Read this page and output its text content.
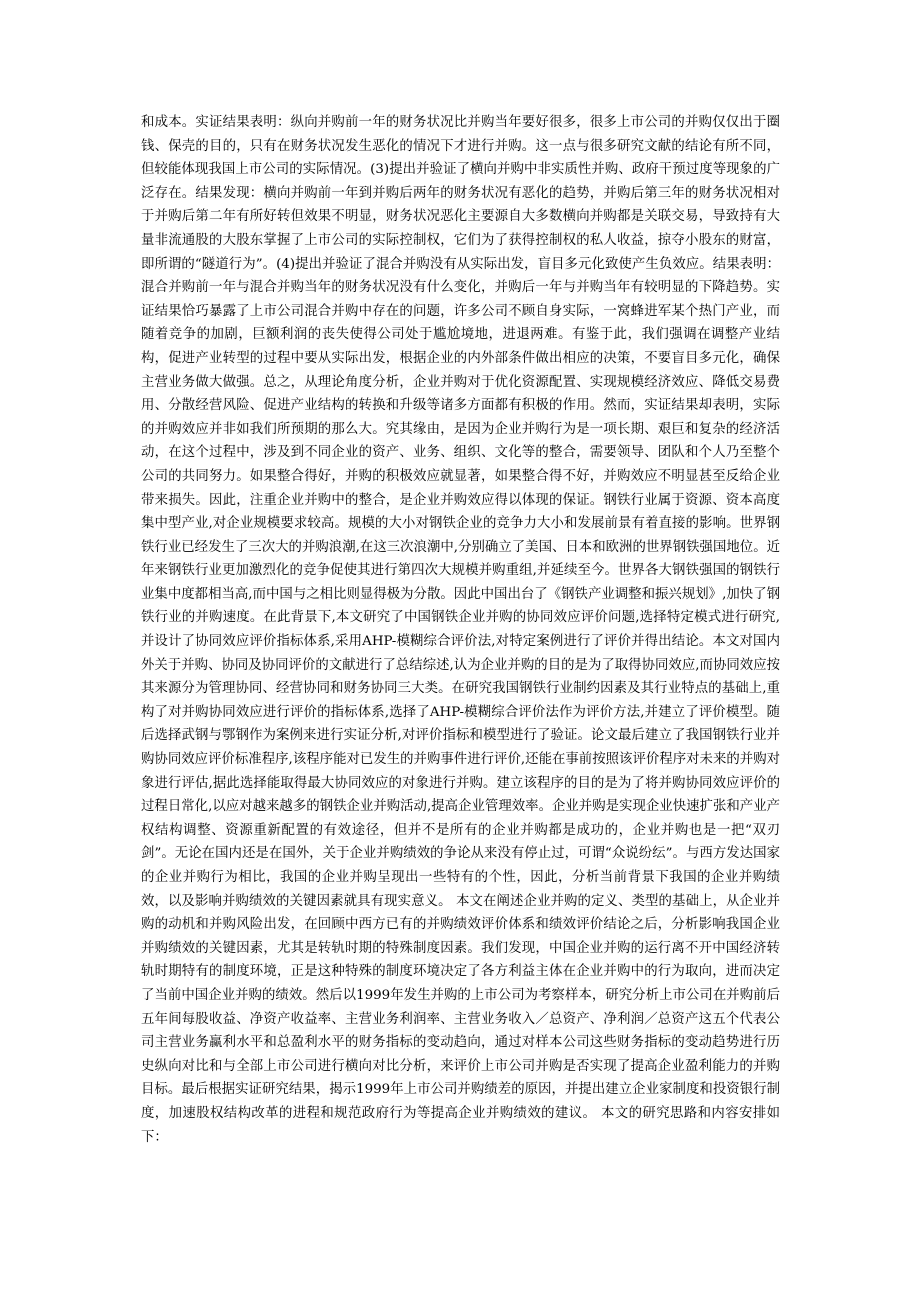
和成本。实证结果表明：纵向并购前一年的财务状况比并购当年要好很多，很多上市公司的并购仅仅出于圈钱、保壳的目的，只有在财务状况发生恶化的情况下才进行并购。这一点与很多研究文献的结论有所不同，但较能体现我国上市公司的实际情况。(3)提出并验证了横向并购中非实质性并购、政府干预过度等现象的广泛存在。结果发现：横向并购前一年到并购后两年的财务状况有恶化的趋势，并购后第三年的财务状况相对于并购后第二年有所好转但效果不明显，财务状况恶化主要源自大多数横向并购都是关联交易，导致持有大量非流通股的大股东掌握了上市公司的实际控制权，它们为了获得控制权的私人收益，掠夺小股东的财富，即所谓的“隧道行为”。(4)提出并验证了混合并购没有从实际出发，盲目多元化致使产生负效应。结果表明：混合并购前一年与混合并购当年的财务状况没有什么变化，并购后一年与并购当年有较明显的下降趋势。实证结果恰巧暴露了上市公司混合并购中存在的问题，许多公司不顾自身实际，一窝蜂进军某个热门产业，而随着竞争的加剧，巨额利润的丧失使得公司处于尴尬境地，进退两难。有鉴于此，我们强调在调整产业结构，促进产业转型的过程中要从实际出发，根据企业的内外部条件做出相应的决策，不要盲目多元化，确保主营业务做大做强。总之，从理论角度分析，企业并购对于优化资源配置、实现规模经济效应、降低交易费用、分散经营风险、促进产业结构的转换和升级等诸多方面都有积极的作用。然而，实证结果却表明，实际的并购效应并非如我们所预期的那么大。究其缘由，是因为企业并购行为是一项长期、艰巨和复杂的经济活动，在这个过程中，涉及到不同企业的资产、业务、组织、文化等的整合，需要领导、团队和个人乃至整个公司的共同努力。如果整合得好，并购的积极效应就显著，如果整合得不好，并购效应不明显甚至反给企业带来损失。因此，注重企业并购中的整合，是企业并购效应得以体现的保证。钢铁行业属于资源、资本高度集中型产业,对企业规模要求较高。规模的大小对钢铁企业的竞争力大小和发展前景有着直接的影响。世界钢铁行业已经发生了三次大的并购浪潮,在这三次浪潮中,分别确立了美国、日本和欧洲的世界钢铁强国地位。近年来钢铁行业更加激烈化的竞争促使其进行第四次大规模并购重组,并延续至今。世界各大钢铁强国的钢铁行业集中度都相当高,而中国与之相比则显得极为分散。因此中国出台了《钢铁产业调整和振兴规划》,加快了钢铁行业的并购速度。在此背景下,本文研究了中国钢铁企业并购的协同效应评价问题,选择特定模式进行研究,并设计了协同效应评价指标体系,采用AHP-模糊综合评价法,对特定案例进行了评价并得出结论。本文对国内外关于并购、协同及协同评价的文献进行了总结综述,认为企业并购的目的是为了取得协同效应,而协同效应按其来源分为管理协同、经营协同和财务协同三大类。在研究我国钢铁行业制约因素及其行业特点的基础上,重构了对并购协同效应进行评价的指标体系,选择了AHP-模糊综合评价法作为评价方法,并建立了评价模型。随后选择武钢与鄂钢作为案例来进行实证分析,对评价指标和模型进行了验证。论文最后建立了我国钢铁行业并购协同效应评价标准程序,该程序能对已发生的并购事件进行评价,还能在事前按照该评价程序对未来的并购对象进行评估,据此选择能取得最大协同效应的对象进行并购。建立该程序的目的是为了将并购协同效应评价的过程日常化,以应对越来越多的钢铁企业并购活动,提高企业管理效率。企业并购是实现企业快速扩张和产业产权结构调整、资源重新配置的有效途径，但并不是所有的企业并购都是成功的，企业并购也是一把“双刃剑”。无论在国内还是在国外，关于企业并购绩效的争论从来没有停止过，可谓“众说纷纭”。与西方发达国家的企业并购行为相比，我国的企业并购呈现出一些特有的个性，因此，分析当前背景下我国的企业并购绩效，以及影响并购绩效的关键因素就具有现实意义。 本文在阐述企业并购的定义、类型的基础上，从企业并购的动机和并购风险出发，在回顾中西方已有的并购绩效评价体系和绩效评价结论之后，分析影响我国企业并购绩效的关键因素，尤其是转轨时期的特殊制度因素。我们发现，中国企业并购的运行离不开中国经济转轨时期特有的制度环境，正是这种特殊的制度环境决定了各方利益主体在企业并购中的行为取向，进而决定了当前中国企业并购的绩效。然后以1999年发生并购的上市公司为考察样本，研究分析上市公司在并购前后五年间每股收益、净资产收益率、主营业务利润率、主营业务收入／总资产、净利润／总资产这五个代表公司主营业务赢利水平和总盈利水平的财务指标的变动趋向，通过对样本公司这些财务指标的变动趋势进行历史纵向对比和与全部上市公司进行横向对比分析，来评价上市公司并购是否实现了提高企业盈利能力的并购目标。最后根据实证研究结果，揭示1999年上市公司并购绩差的原因，并提出建立企业家制度和投资银行制度，加速股权结构改革的进程和规范政府行为等提高企业并购绩效的建议。 本文的研究思路和内容安排如下：
